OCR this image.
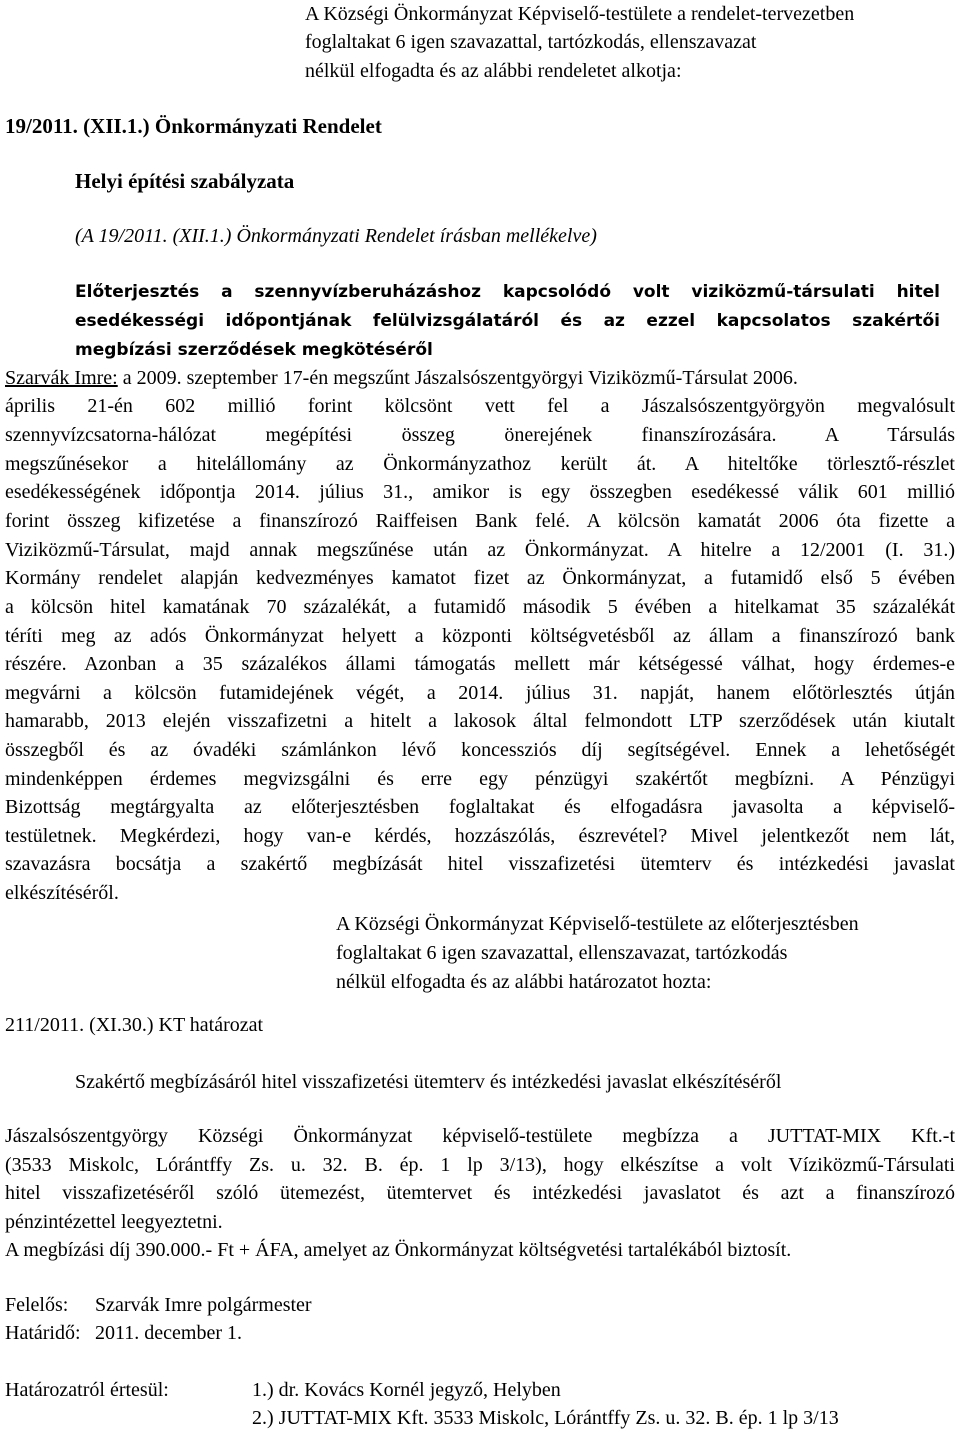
A Községi Önkormányzat Képviselő-testülete a rendelet-tervezetben
foglaltakat 6 igen szavazattal, tartózkodás, ellenszavazat
nélkül elfogadta és az alábbi rendeletet alkotja:
19/2011. (XII.1.) Önkormányzati Rendelet
Helyi építési szabályzata
(A 19/2011. (XII.1.) Önkormányzati Rendelet írásban mellékelve)
Előterjesztés a szennyvízberuházáshoz kapcsolódó volt viziközmű-társulati hitel
esedékességi időpontjának felülvizsgálatáról és az ezzel kapcsolatos szakértői
megbízási szerződések megkötéséről
Szarvák Imre: a 2009. szeptember 17-én megszűnt Jászalsószentgyörgyi Viziközmű-Társulat 2006.
április 21-én 602 millió forint kölcsönt vett fel a Jászalsószentgyörgyön megvalósult
szennyvízcsatorna-hálózat megépítési összeg önerejének finanszírozására. A Társulás
megszűnésekor a hitelállomány az Önkormányzathoz került át. A hiteltőke törlesztő-részlet
esedékességének időpontja 2014. július 31., amikor is egy összegben esedékessé válik 601 millió
forint összeg kifizetése a finanszírozó Raiffeisen Bank felé. A kölcsön kamatát 2006 óta fizette a
Viziközmű-Társulat, majd annak megszűnése után az Önkormányzat. A hitelre a 12/2001 (I. 31.)
Kormány rendelet alapján kedvezményes kamatot fizet az Önkormányzat, a futamidő első 5 évében
a kölcsön hitel kamatának 70 százalékát, a futamidő második 5 évében a hitelkamat 35 százalékát
téríti meg az adós Önkormányzat helyett a központi költségvetésből az állam a finanszírozó bank
részére. Azonban a 35 százalékos állami támogatás mellett már kétségessé válhat, hogy érdemes-e
megvárni a kölcsön futamidejének végét, a 2014. július 31. napját, hanem előtörlesztés útján
hamarabb, 2013 elején visszafizetni a hitelt a lakosok által felmondott LTP szerződések után kiutalt
összegből és az óvadéki számlánkon lévő koncessziós díj segítségével. Ennek a lehetőségét
mindenképpen érdemes megvizsgálni és erre egy pénzügyi szakértőt megbízni. A Pénzügyi
Bizottság megtárgyalta az előterjesztésben foglaltakat és elfogadásra javasolta a képviselő-
testületnek. Megkérdezi, hogy van-e kérdés, hozzászólás, észrevétel? Mivel jelentkezőt nem lát,
szavazásra bocsátja a szakértő megbízását hitel visszafizetési ütemterv és intézkedési javaslat
elkészítéséről.
A Községi Önkormányzat Képviselő-testülete az előterjesztésben
foglaltakat 6 igen szavazattal, ellenszavazat, tartózkodás
nélkül elfogadta és az alábbi határozatot hozta:
211/2011. (XI.30.) KT határozat
Szakértő megbízásáról hitel visszafizetési ütemterv és intézkedési javaslat elkészítéséről
Jászalsószentgyörgy Községi Önkormányzat képviselő-testülete megbízza a JUTTAT-MIX Kft.-t
(3533 Miskolc, Lórántffy Zs. u. 32. B. ép. 1 lp 3/13), hogy elkészítse a volt Víziközmű-Társulati
hitel visszafizetéséről szóló ütemezést, ütemtervet és intézkedési javaslatot és azt a finanszírozó
pénzintézettel leegyeztetni.
A megbízási díj 390.000.- Ft + ÁFA, amelyet az Önkormányzat költségvetési tartalékából biztosít.
Felelős: Szarvák Imre polgármester
Határidő: 2011. december 1.
Határozatról értesül:	1.) dr. Kovács Kornél jegyző, Helyben
2.) JUTTAT-MIX Kft. 3533 Miskolc, Lórántffy Zs. u. 32. B. ép. 1 lp 3/13
